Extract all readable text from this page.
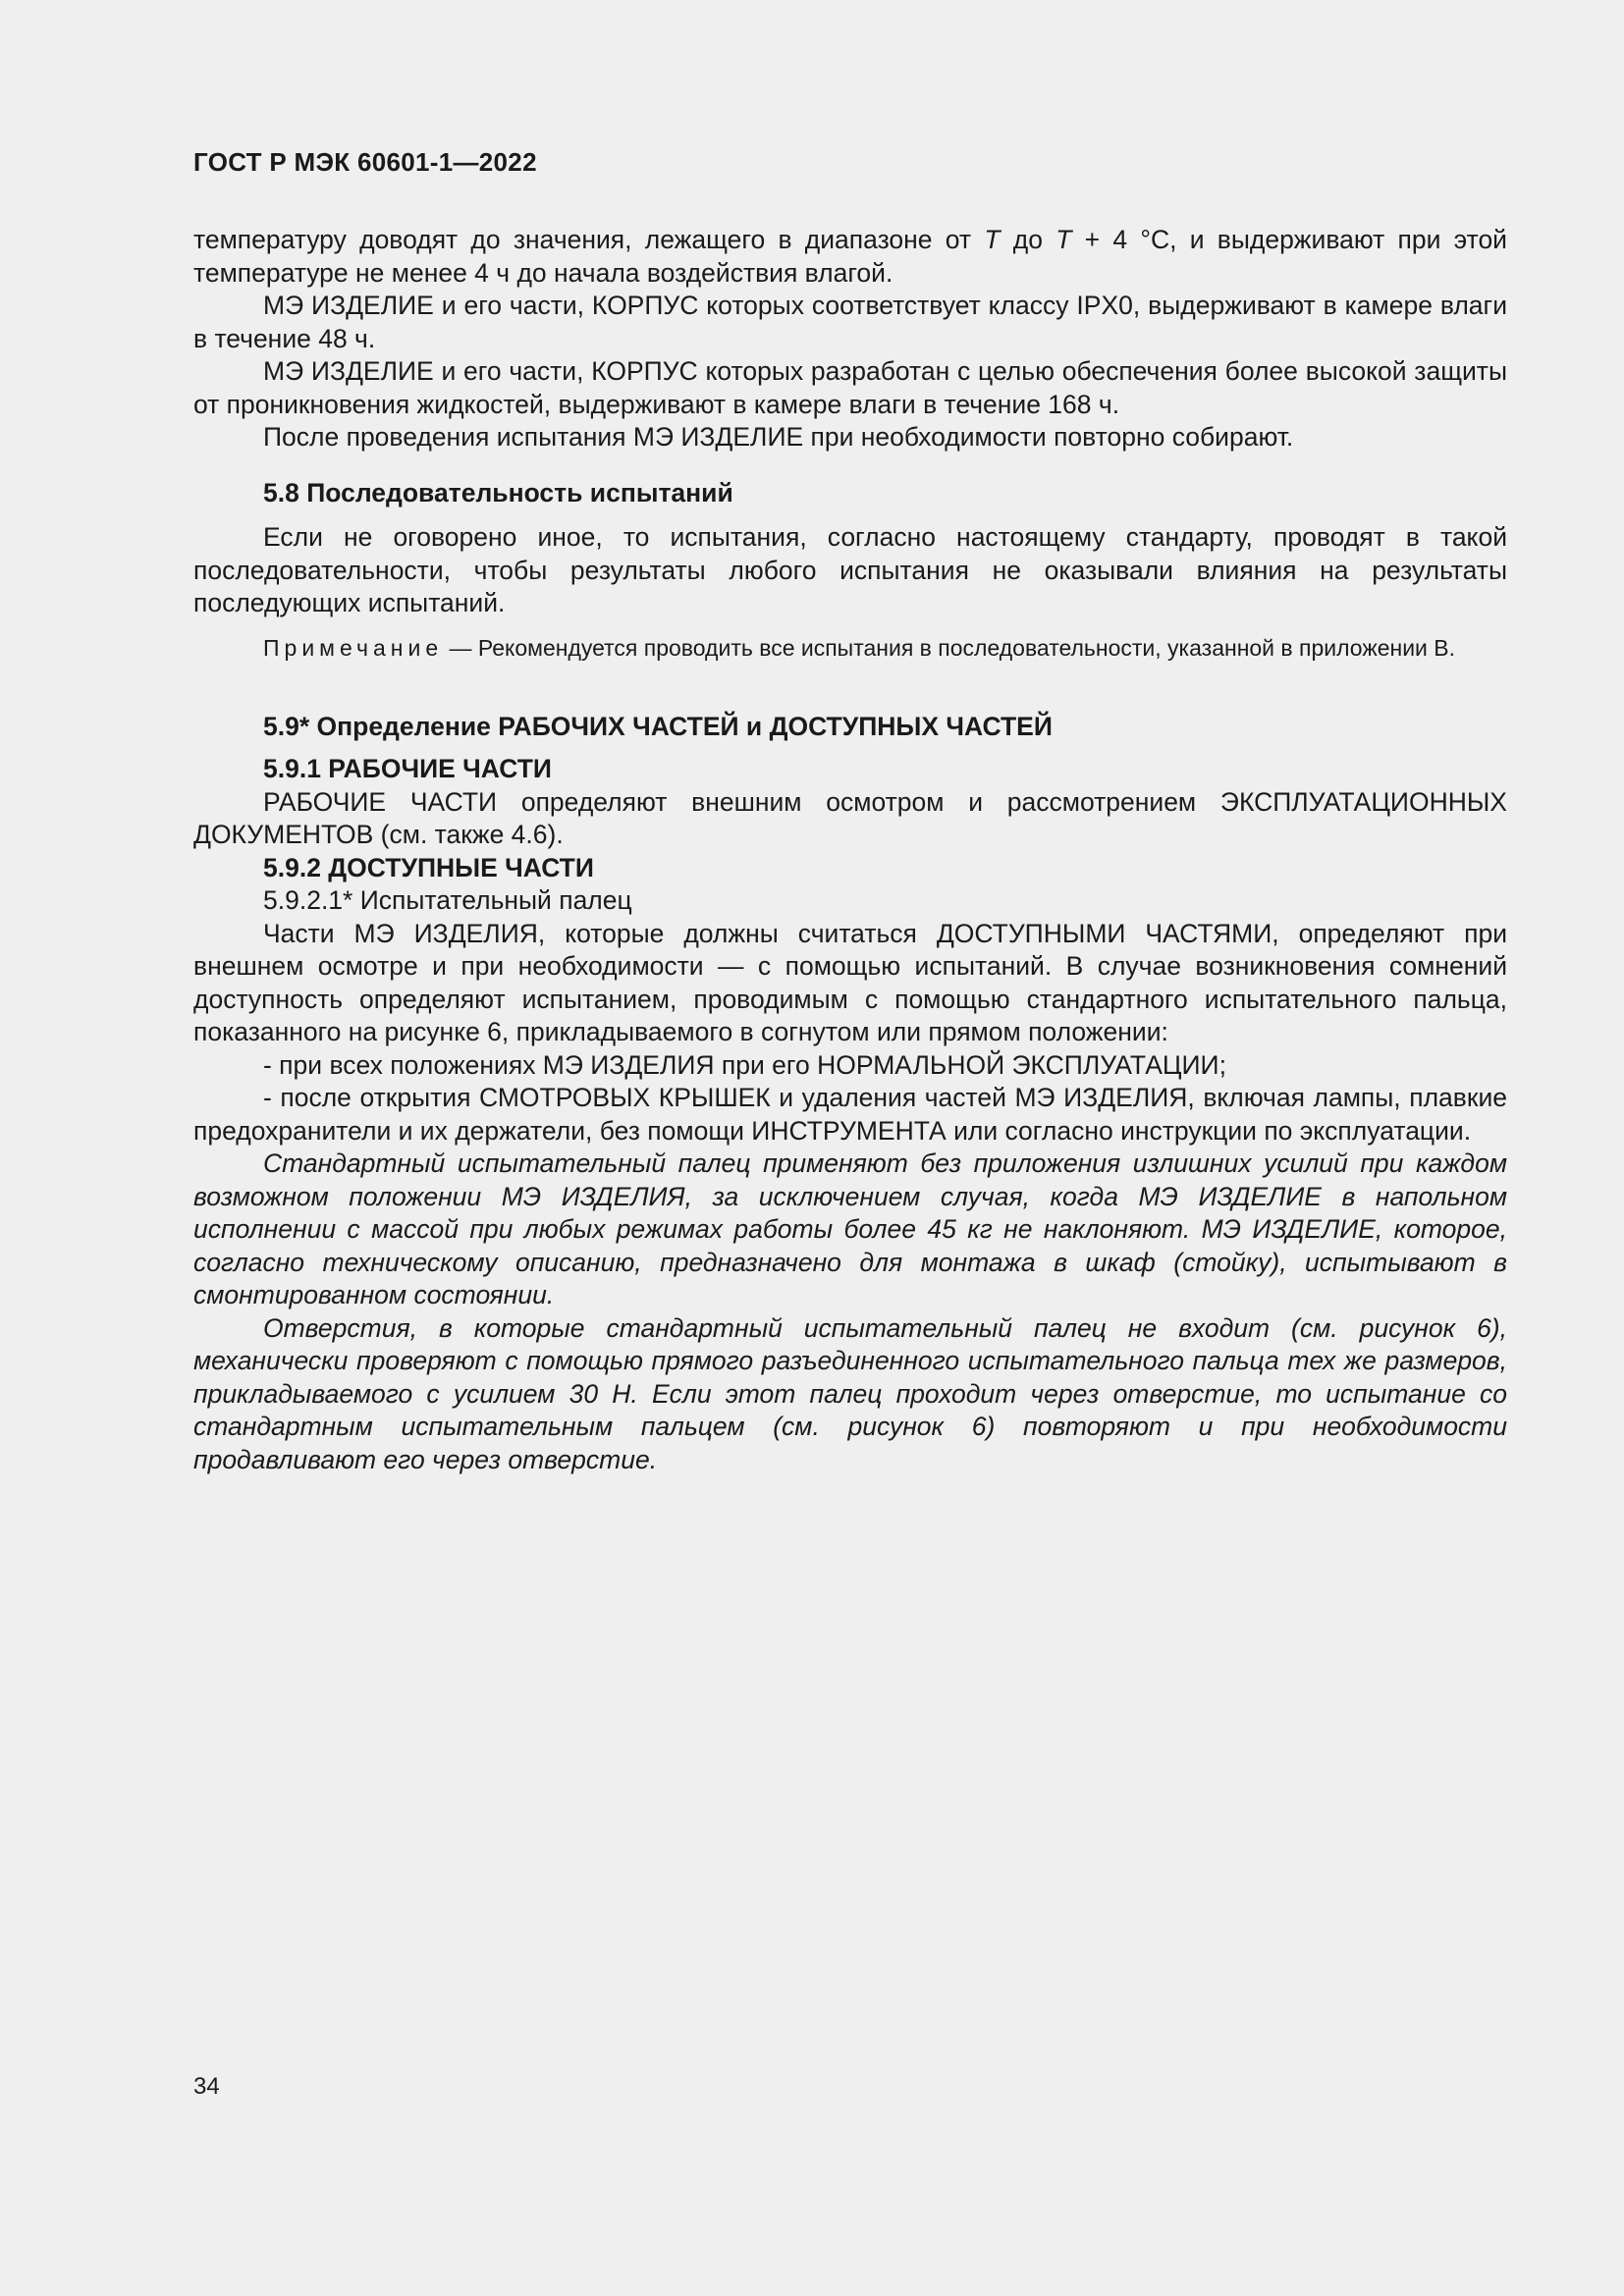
ГОСТ Р МЭК 60601-1—2022

температуру доводят до значения, лежащего в диапазоне от T до T + 4 °С, и выдерживают при этой температуре не менее 4 ч до начала воздействия влагой.

МЭ ИЗДЕЛИЕ и его части, КОРПУС которых соответствует классу IPX0, выдерживают в камере влаги в течение 48 ч.

МЭ ИЗДЕЛИЕ и его части, КОРПУС которых разработан с целью обеспечения более высокой защиты от проникновения жидкостей, выдерживают в камере влаги в течение 168 ч.

После проведения испытания МЭ ИЗДЕЛИЕ при необходимости повторно собирают.

5.8 Последовательность испытаний

Если не оговорено иное, то испытания, согласно настоящему стандарту, проводят в такой последовательности, чтобы результаты любого испытания не оказывали влияния на результаты последующих испытаний.

Примечание — Рекомендуется проводить все испытания в последовательности, указанной в приложении В.

5.9* Определение РАБОЧИХ ЧАСТЕЙ и ДОСТУПНЫХ ЧАСТЕЙ

5.9.1 РАБОЧИЕ ЧАСТИ

РАБОЧИЕ ЧАСТИ определяют внешним осмотром и рассмотрением ЭКСПЛУАТАЦИОННЫХ ДОКУМЕНТОВ (см. также 4.6).

5.9.2 ДОСТУПНЫЕ ЧАСТИ

5.9.2.1* Испытательный палец

Части МЭ ИЗДЕЛИЯ, которые должны считаться ДОСТУПНЫМИ ЧАСТЯМИ, определяют при внешнем осмотре и при необходимости — с помощью испытаний. В случае возникновения сомнений доступность определяют испытанием, проводимым с помощью стандартного испытательного пальца, показанного на рисунке 6, прикладываемого в согнутом или прямом положении:

- при всех положениях МЭ ИЗДЕЛИЯ при его НОРМАЛЬНОЙ ЭКСПЛУАТАЦИИ;

- после открытия СМОТРОВЫХ КРЫШЕК и удаления частей МЭ ИЗДЕЛИЯ, включая лампы, плавкие предохранители и их держатели, без помощи ИНСТРУМЕНТА или согласно инструкции по эксплуатации.

Стандартный испытательный палец применяют без приложения излишних усилий при каждом возможном положении МЭ ИЗДЕЛИЯ, за исключением случая, когда МЭ ИЗДЕЛИЕ в напольном исполнении с массой при любых режимах работы более 45 кг не наклоняют. МЭ ИЗДЕЛИЕ, которое, согласно техническому описанию, предназначено для монтажа в шкаф (стойку), испытывают в смонтированном состоянии.

Отверстия, в которые стандартный испытательный палец не входит (см. рисунок 6), механически проверяют с помощью прямого разъединенного испытательного пальца тех же размеров, прикладываемого с усилием 30 Н. Если этот палец проходит через отверстие, то испытание со стандартным испытательным пальцем (см. рисунок 6) повторяют и при необходимости продавливают его через отверстие.

34
